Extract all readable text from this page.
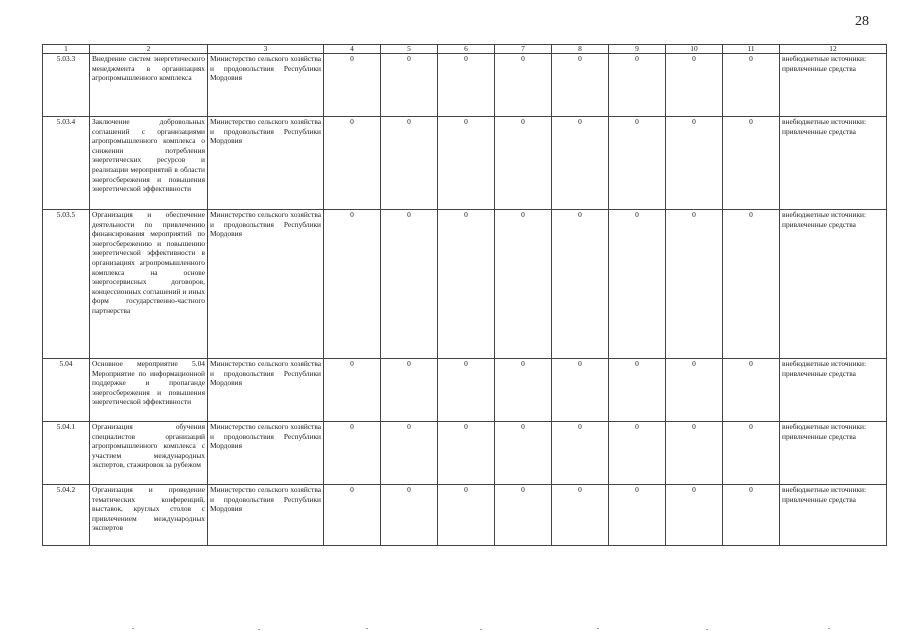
28
1	2	3	4	5	6	7	8	9	10	11	12
5.03.3	Внедрение систем энергетического менеджмента в организациях агропромышленного комплекса	Министерство сельского хозяйства и продовольствия Республики Мордовия	0	0	0	0	0	0	0	0	внебюджетные источники: привлеченные средства
5.03.4	Заключение добровольных соглашений с организациями агропромышленного комплекса о снижении потребления энергетических ресурсов и реализации мероприятий в области энергосбережения и повышения энергетической эффективности	Министерство сельского хозяйства и продовольствия Республики Мордовия	0	0	0	0	0	0	0	0	внебюджетные источники: привлеченные средства
5.03.5	Организация и обеспечение деятельности по привлечению финансирования мероприятий по энергосбережению и повышению энергетической эффективности в организациях агропромышленного комплекса на основе энергосервисных договоров, концессионных соглашений и иных форм государственно-частного партнерства	Министерство сельского хозяйства и продовольствия Республики Мордовия	0	0	0	0	0	0	0	0	внебюджетные источники: привлеченные средства
5.04	Основное мероприятие 5.04 Мероприятие по информационной поддержке и пропаганде энергосбережения и повышения энергетической эффективности	Министерство сельского хозяйства и продовольствия Республики Мордовия	0	0	0	0	0	0	0	0	внебюджетные источники: привлеченные средства
5.04.1	Организация обучения специалистов организаций агропромышленного комплекса с участием международных экспертов, стажировок за рубежом	Министерство сельского хозяйства и продовольствия Республики Мордовия	0	0	0	0	0	0	0	0	внебюджетные источники: привлеченные средства
5.04.2	Организация и проведение тематических конференций, выставок, круглых столов с привлечением международных экспертов	Министерство сельского хозяйства и продовольствия Республики Мордовия	0	0	0	0	0	0	0	0	внебюджетные источники: привлеченные средства
